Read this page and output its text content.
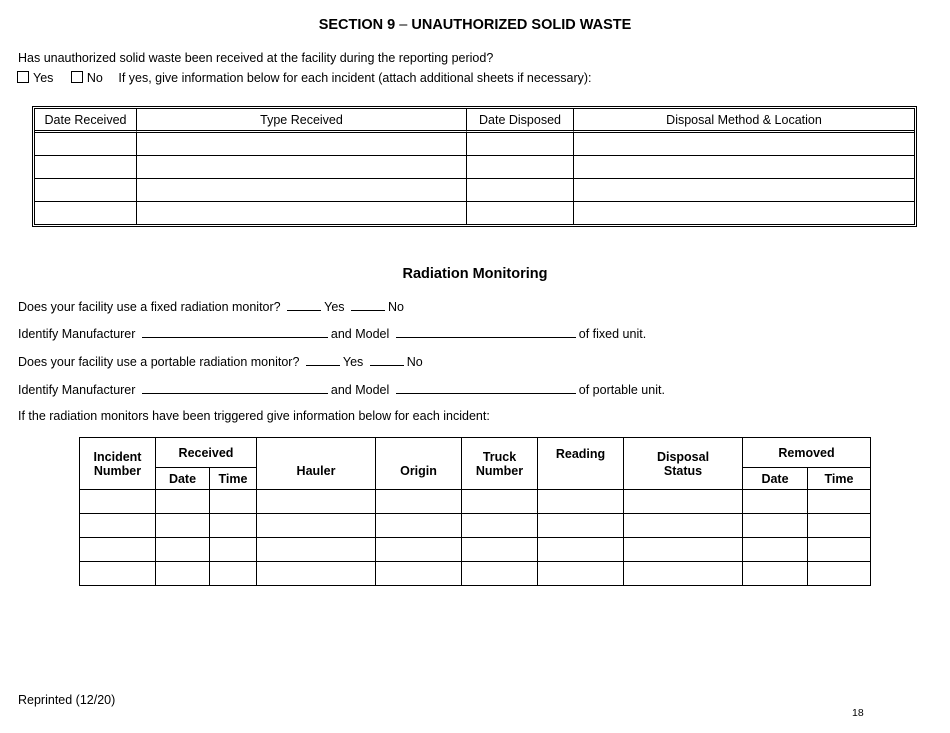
SECTION 9 – UNAUTHORIZED SOLID WASTE
Has unauthorized solid waste been received at the facility during the reporting period?
Yes	No If yes, give information below for each incident (attach additional sheets if necessary):
Date Received	Type Received	Date Disposed	Disposal Method & Location

Radiation Monitoring
Does your facility use a fixed radiation monitor?	Yes	No
Identify Manufacturer	and Model	of fixed unit.
Does your facility use a portable radiation monitor?	Yes	No
Identify Manufacturer	and Model	of portable unit.
If the radiation monitors have been triggered give information below for each incident:
Incident Number	Received		Hauler	Origin	Truck Number	Reading	Disposal Status	Removed	
	Date	Time						Date	Time

Reprinted (12/20)
18
